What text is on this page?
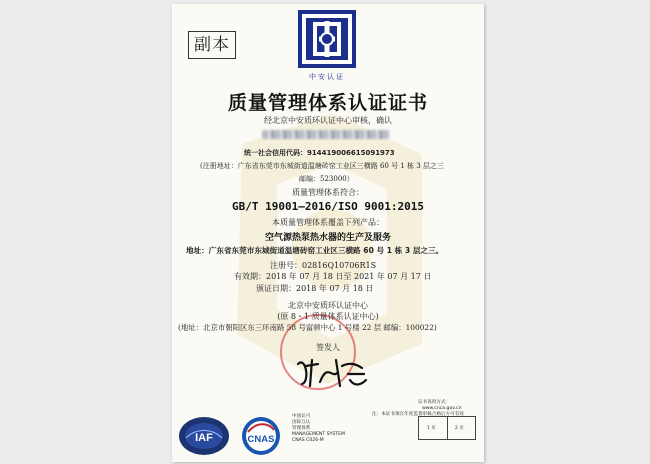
副本
中安认证
质量管理体系认证证书
经北京中安质环认证中心审核，确认
统一社会信用代码：914419006615091973
(注册地址：广东省东莞市东城街道温塘砖窑工业区三横路 60 号 1 栋 3 层之三
邮编：523000）
质量管理体系符合：
GB/T 19001—2016/ISO 9001:2015
本质量管理体系覆盖下列产品：
空气源热泵热水器的生产及服务
地址：广东省东莞市东城街道温塘砖窑工业区三横路 60 号 1 栋 3 层之三。
注册号：02816Q10706R1S
有效期：2018 年 07 月 18 日至 2021 年 07 月 17 日
颁证日期：2018 年 07 月 18 日
北京中安质环认证中心
(原 8・1 质量体系认证中心)
(地址：北京市朝阳区东三环南路 58 号富顿中心 1 号楼 22 层 邮编：100022)
签发人
IAF	CNAS
中国认可
国际互认
管理体系
MANAGEMENT SYSTEM
CNAS C026-M
证书查询方式：
www.cnca.gov.cn
注：本证书须在年度监督审核合格后方可有效
1 页	2 页
